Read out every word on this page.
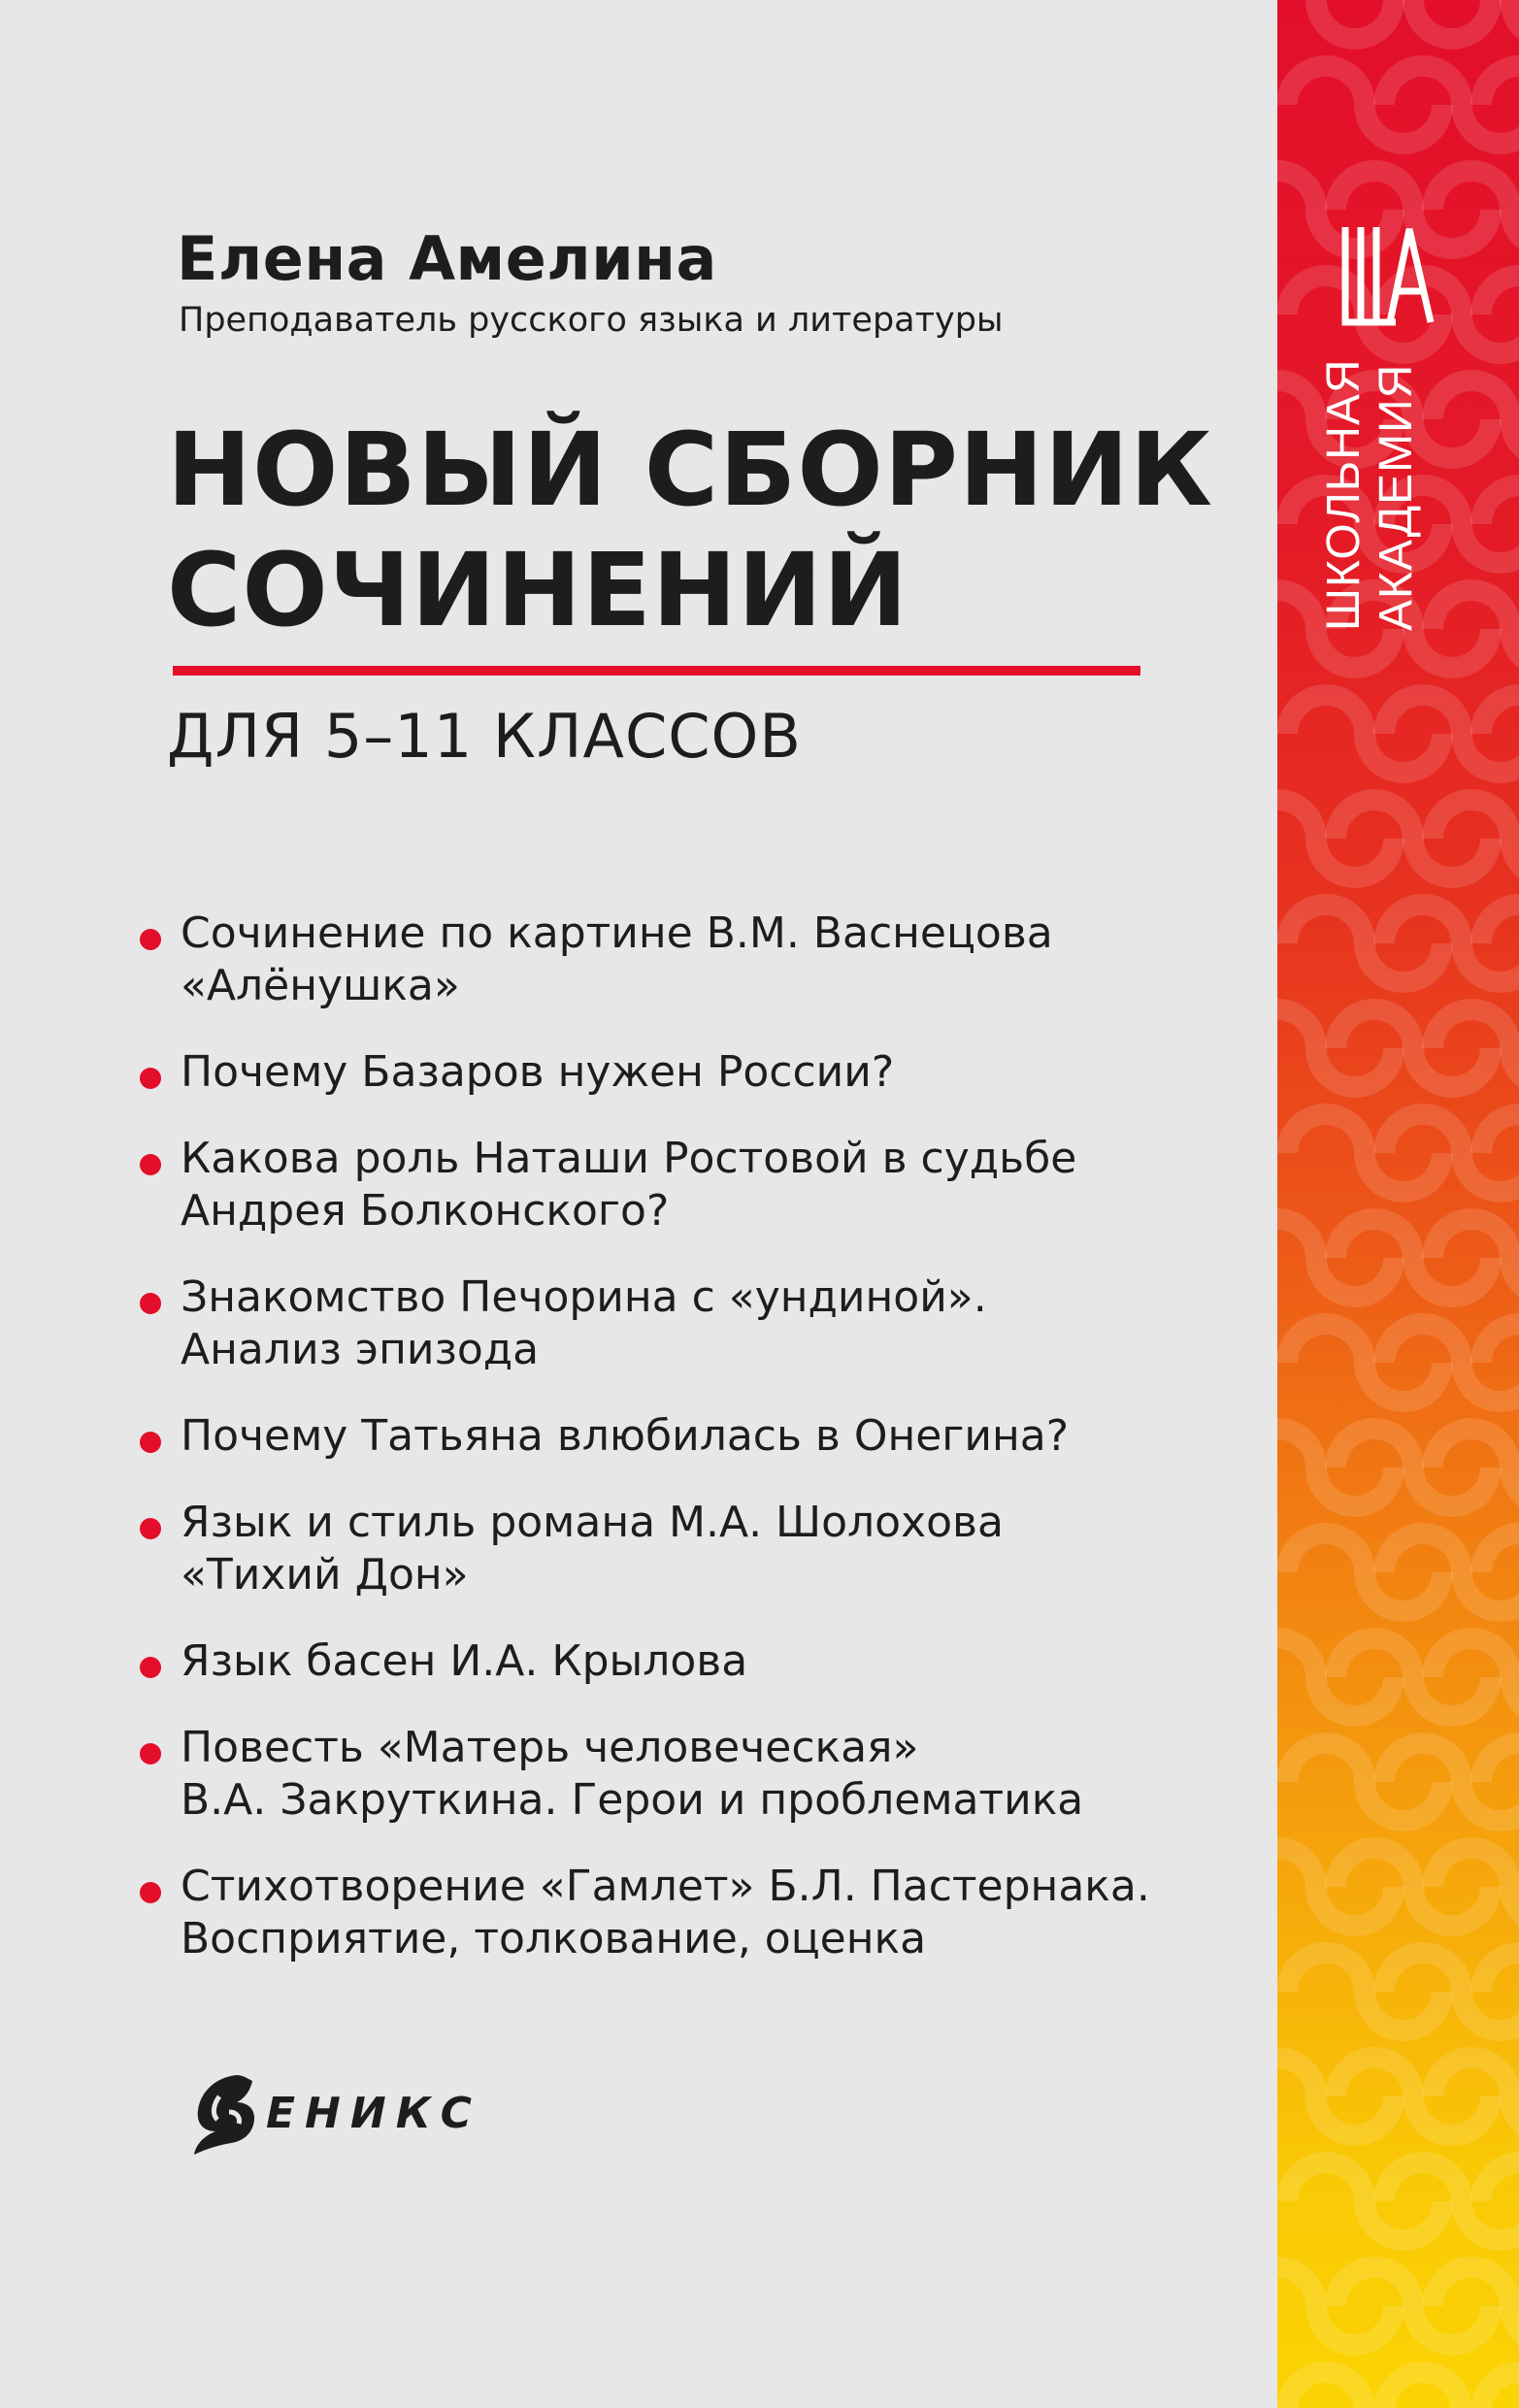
ШКОЛЬНАЯ АКАДЕМИЯ
Елена Амелина
Преподаватель русского языка и литературы
НОВЫЙ СБОРНИК
СОЧИНЕНИЙ
ДЛЯ 5–11 КЛАССОВ
Сочинение по картине В.М. Васнецова
«Алёнушка»
Почему Базаров нужен России?
Какова роль Наташи Ростовой в судьбе
Андрея Болконского?
Знакомство Печорина с «ундиной».
Анализ эпизода
Почему Татьяна влюбилась в Онегина?
Язык и стиль романа М.А. Шолохова
«Тихий Дон»
Язык басен И.А. Крылова
Повесть «Матерь человеческая»
В.А. Закруткина. Герои и проблематика
Стихотворение «Гамлет» Б.Л. Пастернака.
Восприятие, толкование, оценка
ЕНИКС
